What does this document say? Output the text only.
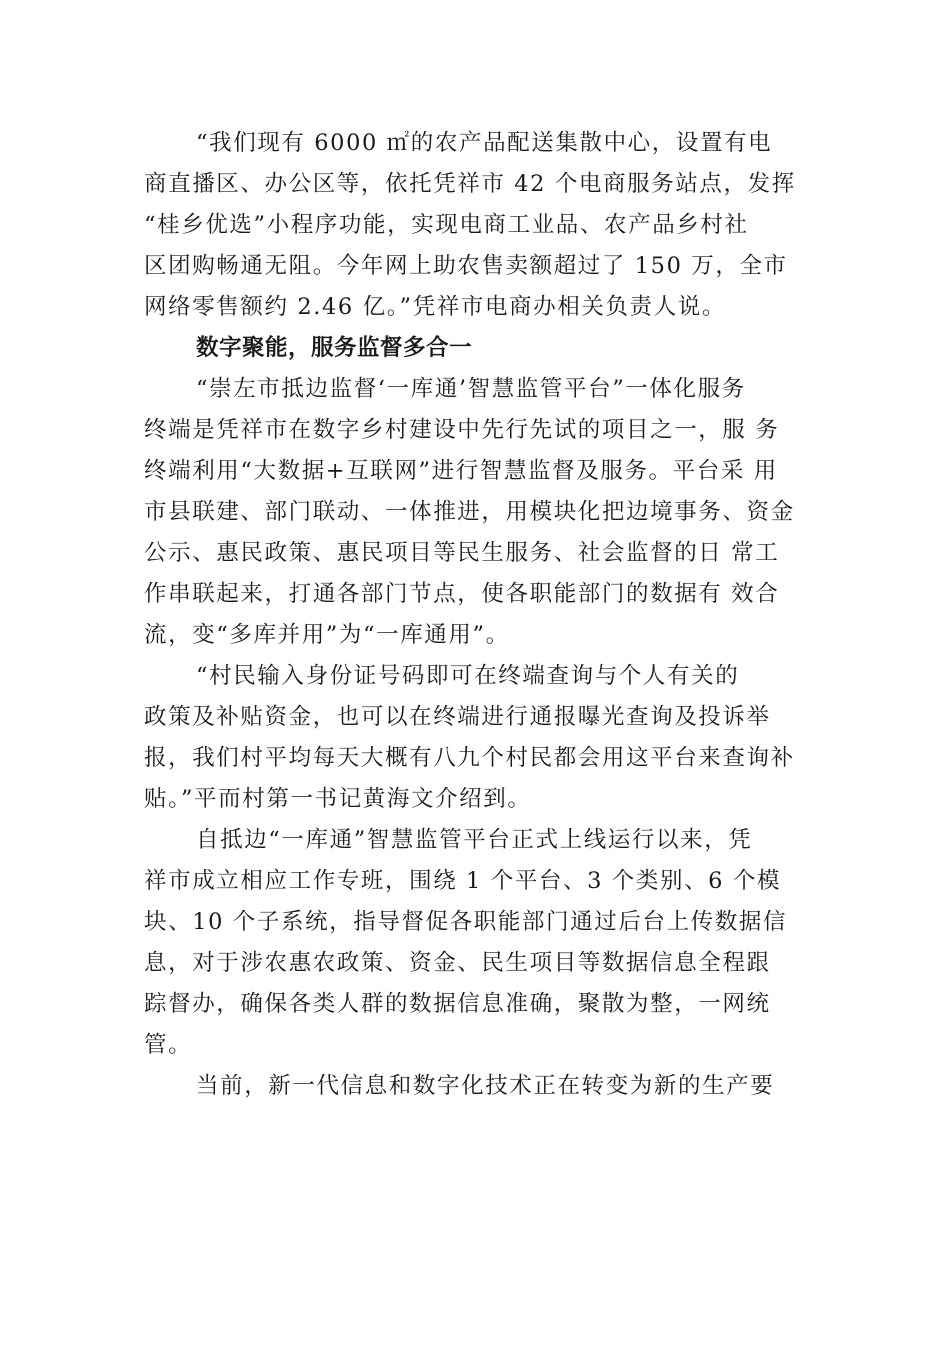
“我们现有 6000 ㎡的农产品配送集散中心，设置有电
商直播区、办公区等，依托凭祥市 42 个电商服务站点，发挥
“桂乡优选”小程序功能，实现电商工业品、农产品乡村社
区团购畅通无阻。今年网上助农售卖额超过了 150 万，全市
网络零售额约 2.46 亿。”凭祥市电商办相关负责人说。
数字聚能，服务监督多合一
“崇左市抵边监督‘一库通’智慧监管平台”一体化服务
终端是凭祥市在数字乡村建设中先行先试的项目之一，服 务
终端利用“大数据+互联网”进行智慧监督及服务。平台采 用
市县联建、部门联动、一体推进，用模块化把边境事务、资金
公示、惠民政策、惠民项目等民生服务、社会监督的日 常工
作串联起来，打通各部门节点，使各职能部门的数据有 效合
流，变“多库并用”为“一库通用”。
“村民输入身份证号码即可在终端查询与个人有关的
政策及补贴资金，也可以在终端进行通报曝光查询及投诉举
报，我们村平均每天大概有八九个村民都会用这平台来查询补
贴。”平而村第一书记黄海文介绍到。
自抵边“一库通”智慧监管平台正式上线运行以来，凭
祥市成立相应工作专班，围绕 1 个平台、3 个类别、6 个模
块、10 个子系统，指导督促各职能部门通过后台上传数据信
息，对于涉农惠农政策、资金、民生项目等数据信息全程跟
踪督办，确保各类人群的数据信息准确，聚散为整，一网统
管。
当前，新一代信息和数字化技术正在转变为新的生产要
